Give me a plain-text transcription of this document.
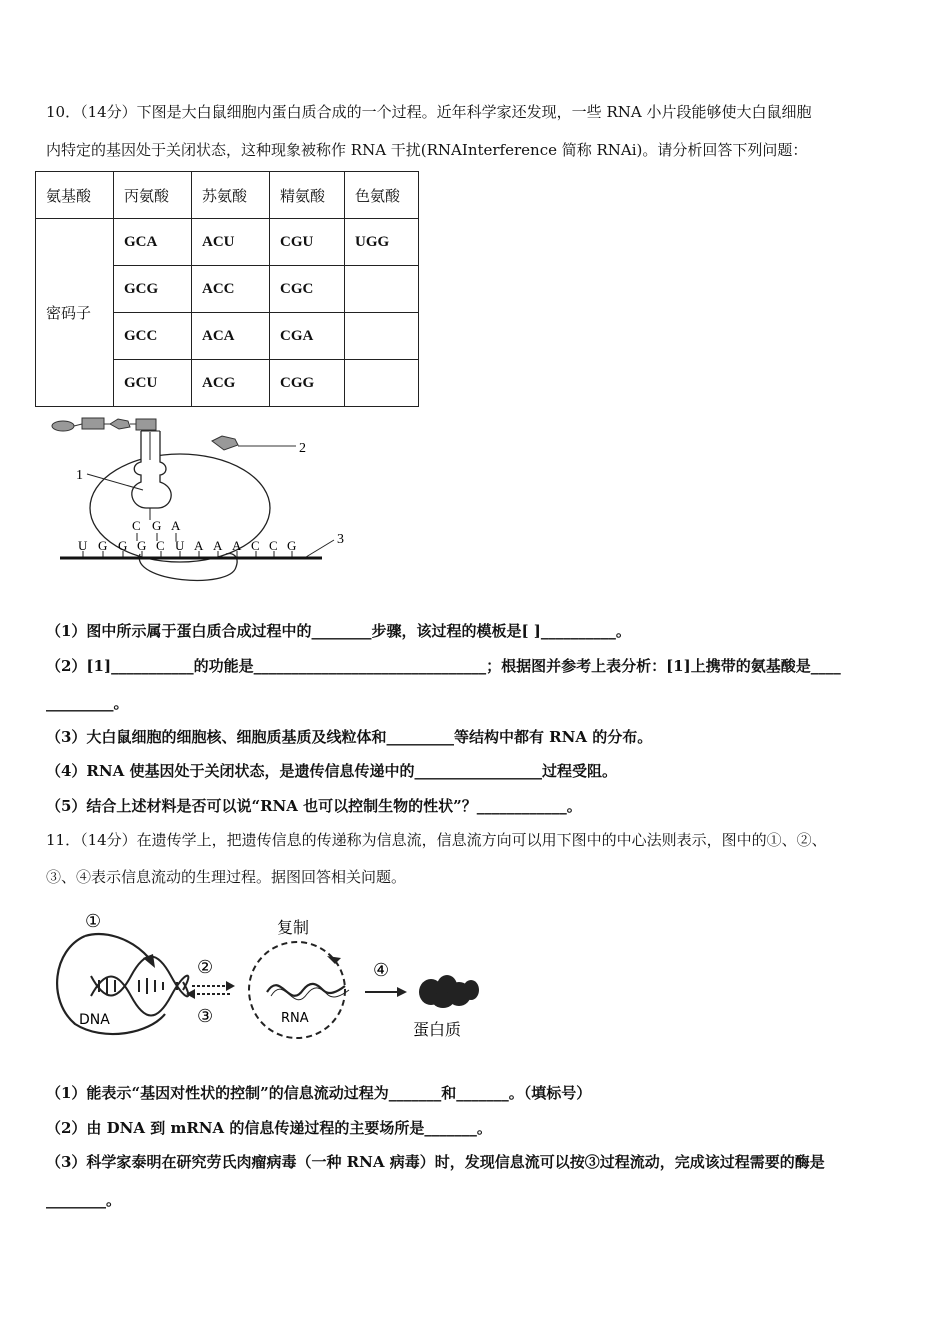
10．（14分）下图是大白鼠细胞内蛋白质合成的一个过程。近年科学家还发现，一些 RNA 小片段能够使大白鼠细胞
内特定的基因处于关闭状态，这种现象被称作 RNA 干扰(RNAInterference 简称 RNAi)。请分析回答下列问题：
氨基酸	丙氨酸	苏氨酸	精氨酸	色氨酸
密码子	GCA	ACU	CGU	UGG
	GCG	ACC	CGC	
	GCC	ACA	CGA	
	GCU	ACG	CGG	
2
1
C G A
U G G G C U A A A C C G	3
（1）图中所示属于蛋白质合成过程中的________步骤，该过程的模板是[ ]__________。
（2）[1]___________的功能是_______________________________；根据图并参考上表分析：[1]上携带的氨基酸是____
_________。
（3）大白鼠细胞的细胞核、细胞质基质及线粒体和_________等结构中都有 RNA 的分布。
（4）RNA 使基因处于关闭状态，是遗传信息传递中的_________________过程受阻。
（5）结合上述材料是否可以说“RNA 也可以控制生物的性状”？____________。
11．（14分）在遗传学上，把遗传信息的传递称为信息流，信息流方向可以用下图中的中心法则表示，图中的①、②、
③、④表示信息流动的生理过程。据图回答相关问题。
①
DNA
②
③
复制
RNA
④
蛋白质
（1）能表示“基因对性状的控制”的信息流动过程为_______和_______。（填标号）
（2）由 DNA 到 mRNA 的信息传递过程的主要场所是_______。
（3）科学家泰明在研究劳氏肉瘤病毒（一种 RNA 病毒）时，发现信息流可以按③过程流动，完成该过程需要的酶是
________。
